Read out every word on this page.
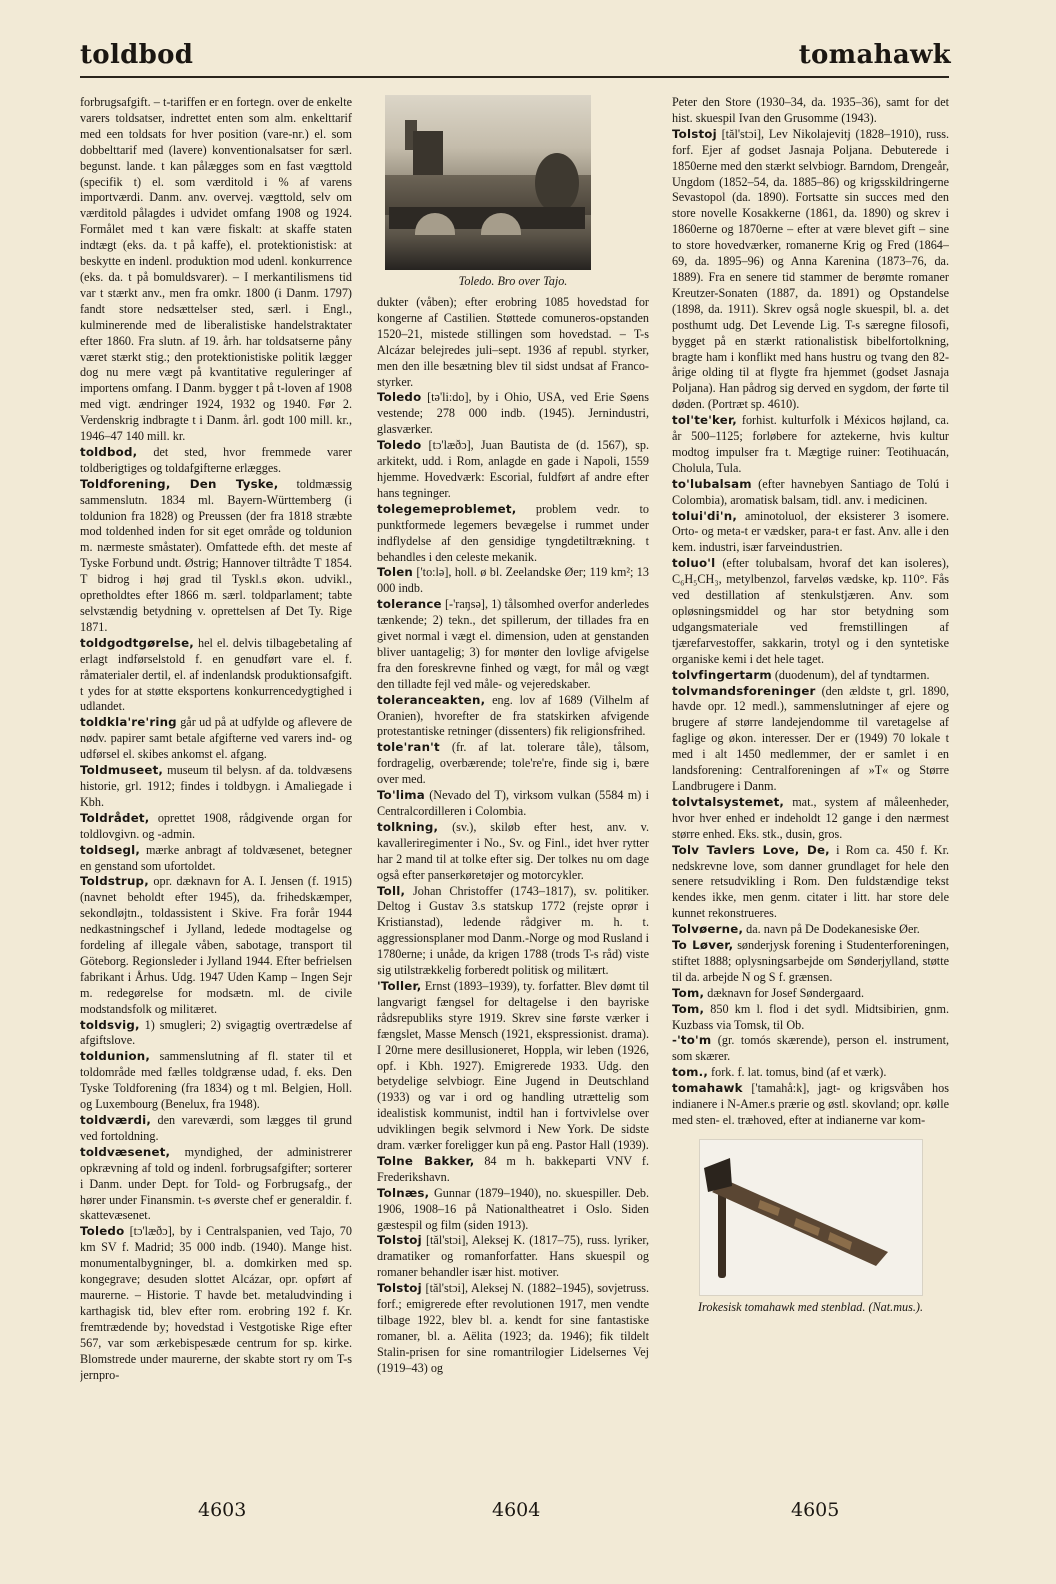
toldbod	tomahawk

forbrugsafgift. – t-tariffen er en fortegn. over de enkelte varers toldsatser, indrettet enten som alm. enkelttarif med een toldsats for hver position (vare-nr.) el. som dobbelttarif med (lavere) konventionalsatser for særl. begunst. lande. t kan pålægges som en fast vægttold (specifik t) el. som værditold i % af varens importværdi. Danm. anv. overvej. vægttold, selv om værditold pålagdes i udvidet omfang 1908 og 1924. Formålet med t kan være fiskalt: at skaffe staten indtægt (eks. da. t på kaffe), el. protektionistisk: at beskytte en indenl. produktion mod udenl. konkurrence (eks. da. t på bomuldsvarer). – I merkantilismens tid var t stærkt anv., men fra omkr. 1800 (i Danm. 1797) fandt store nedsættelser sted, særl. i Engl., kulminerende med de liberalistiske handelstraktater efter 1860. Fra slutn. af 19. årh. har toldsatserne påny været stærkt stig.; den protektionistiske politik lægger dog nu mere vægt på kvantitative reguleringer af importens omfang. I Danm. bygger t på t-loven af 1908 med vigt. ændringer 1924, 1932 og 1940. Før 2. Verdenskrig indbragte t i Danm. årl. godt 100 mill. kr., 1946–47 140 mill. kr.

toldbod, det sted, hvor fremmede varer toldberigtiges og toldafgifterne erlægges.

Toldforening, Den Tyske, toldmæssig sammenslutn. 1834 ml. Bayern-Württemberg (i toldunion fra 1828) og Preussen (der fra 1818 stræbte mod toldenhed inden for sit eget område og toldunion m. nærmeste småstater). Omfattede efth. det meste af Tyske Forbund undt. Østrig; Hannover tiltrådte T 1854. T bidrog i høj grad til Tyskl.s økon. udvikl., opretholdtes efter 1866 m. særl. toldparlament; tabte selvstændig betydning v. oprettelsen af Det Ty. Rige 1871.

toldgodtgørelse, hel el. delvis tilbagebetaling af erlagt indførselstold f. en genudført vare el. f. råmaterialer dertil, el. af indenlandsk produktionsafgift. t ydes for at støtte eksportens konkurrencedygtighed i udlandet.

toldkla're'ring går ud på at udfylde og aflevere de nødv. papirer samt betale afgifterne ved varers ind- og udførsel el. skibes ankomst el. afgang.

Toldmuseet, museum til belysn. af da. toldvæsens historie, grl. 1912; findes i toldbygn. i Amaliegade i Kbh.

Toldrådet, oprettet 1908, rådgivende organ for toldlovgivn. og -admin.

toldsegl, mærke anbragt af toldvæsenet, betegner en genstand som ufortoldet.

Toldstrup, opr. dæknavn for A. I. Jensen (f. 1915) (navnet beholdt efter 1945), da. frihedskæmper, sekondløjtn., toldassistent i Skive. Fra forår 1944 nedkastningschef i Jylland, ledede modtagelse og fordeling af illegale våben, sabotage, transport til Göteborg. Regionsleder i Jylland 1944. Efter befrielsen fabrikant i Århus. Udg. 1947 Uden Kamp – Ingen Sejr m. redegørelse for modsætn. ml. de civile modstandsfolk og militæret.

toldsvig, 1) smugleri; 2) svigagtig overtrædelse af afgiftslove.

toldunion, sammenslutning af fl. stater til et toldområde med fælles toldgrænse udad, f. eks. Den Tyske Toldforening (fra 1834) og t ml. Belgien, Holl. og Luxembourg (Benelux, fra 1948).

toldværdi, den vareværdi, som lægges til grund ved fortoldning.

toldvæsenet, myndighed, der administrerer opkrævning af told og indenl. forbrugsafgifter; sorterer i Danm. under Dept. for Told- og Forbrugsafg., der hører under Finansmin. t-s øverste chef er generaldir. f. skattevæsenet.

Toledo [tɔ'læðɔ], by i Centralspanien, ved Tajo, 70 km SV f. Madrid; 35 000 indb. (1940). Mange hist. monumentalbygninger, bl. a. domkirken med sp. kongegrave; desuden slottet Alcázar, opr. opført af maurerne. – Historie. T havde bet. metaludvinding i karthagisk tid, blev efter rom. erobring 192 f. Kr. fremtrædende by; hovedstad i Vestgotiske Rige efter 567, var som ærkebispesæde centrum for sp. kirke. Blomstrede under maurerne, der skabte stort ry om T-s jernpro-

Toledo. Bro over Tajo.

dukter (våben); efter erobring 1085 hovedstad for kongerne af Castilien. Støttede comuneros-opstanden 1520–21, mistede stillingen som hovedstad. – T-s Alcázar belejredes juli–sept. 1936 af republ. styrker, men den ille besætning blev til sidst undsat af Franco-styrker.

Toledo [tə'li:do], by i Ohio, USA, ved Erie Søens vestende; 278 000 indb. (1945). Jernindustri, glasværker.

Toledo [tɔ'læðɔ], Juan Bautista de (d. 1567), sp. arkitekt, udd. i Rom, anlagde en gade i Napoli, 1559 hjemme. Hovedværk: Escorial, fuldført af andre efter hans tegninger.

tolegemeproblemet, problem vedr. to punktformede legemers bevægelse i rummet under indflydelse af den gensidige tyngdetiltrækning. t behandles i den celeste mekanik.

Tolen ['to:lə], holl. ø bl. Zeelandske Øer; 119 km²; 13 000 indb.

tolerance [-'raŋsə], 1) tålsomhed overfor anderledes tænkende; 2) tekn., det spillerum, der tillades fra en givet normal i vægt el. dimension, uden at genstanden bliver uantagelig; 3) for mønter den lovlige afvigelse fra den foreskrevne finhed og vægt, for mål og vægt den tilladte fejl ved måle- og vejeredskaber.

toleranceakten, eng. lov af 1689 (Vilhelm af Oranien), hvorefter de fra statskirken afvigende protestantiske retninger (dissenters) fik religionsfrihed.

tole'ran't (fr. af lat. tolerare tåle), tålsom, fordragelig, overbærende; tole're're, finde sig i, bære over med.

To'lima (Nevado del T), virksom vulkan (5584 m) i Centralcordilleren i Colombia.

tolkning, (sv.), skiløb efter hest, anv. v. kavalleriregimenter i No., Sv. og Finl., idet hver rytter har 2 mand til at tolke efter sig. Der tolkes nu om dage også efter panserkøretøjer og motorcykler.

Toll, Johan Christoffer (1743–1817), sv. politiker. Deltog i Gustav 3.s statskup 1772 (rejste oprør i Kristianstad), ledende rådgiver m. h. t. aggressionsplaner mod Danm.-Norge og mod Rusland i 1780erne; i unåde, da krigen 1788 (trods T-s råd) viste sig utilstrækkelig forberedt politisk og militært.

'Toller, Ernst (1893–1939), ty. forfatter. Blev dømt til langvarigt fængsel for deltagelse i den bayriske rådsrepubliks styre 1919. Skrev sine første værker i fængslet, Masse Mensch (1921, ekspressionist. drama). I 20rne mere desillusioneret, Hoppla, wir leben (1926, opf. i Kbh. 1927). Emigrerede 1933. Udg. den betydelige selvbiogr. Eine Jugend in Deutschland (1933) og var i ord og handling utrættelig som idealistisk kommunist, indtil han i fortvivlelse over udviklingen begik selvmord i New York. De sidste dram. værker foreligger kun på eng. Pastor Hall (1939).

Tolne Bakker, 84 m h. bakkeparti VNV f. Frederikshavn.

Tolnæs, Gunnar (1879–1940), no. skuespiller. Deb. 1906, 1908–16 på Nationaltheatret i Oslo. Siden gæstespil og film (siden 1913).

Tolstoj [tăl'stɔi], Aleksej K. (1817–75), russ. lyriker, dramatiker og romanforfatter. Hans skuespil og romaner behandler især hist. motiver.

Tolstoj [tăl'stɔi], Aleksej N. (1882–1945), sovjetruss. forf.; emigrerede efter revolutionen 1917, men vendte tilbage 1922, blev bl. a. kendt for sine fantastiske romaner, bl. a. Aëlita (1923; da. 1946); fik tildelt Stalin-prisen for sine romantrilogier Lidelsernes Vej (1919–43) og

Peter den Store (1930–34, da. 1935–36), samt for det hist. skuespil Ivan den Grusomme (1943).

Tolstoj [tăl'stɔi], Lev Nikolajevitj (1828–1910), russ. forf. Ejer af godset Jasnaja Poljana. Debuterede i 1850erne med den stærkt selvbiogr. Barndom, Drengeår, Ungdom (1852–54, da. 1885–86) og krigsskildringerne Sevastopol (da. 1890). Fortsatte sin succes med den store novelle Kosakkerne (1861, da. 1890) og skrev i 1860erne og 1870erne – efter at være blevet gift – sine to store hovedværker, romanerne Krig og Fred (1864–69, da. 1895–96) og Anna Karenina (1873–76, da. 1889). Fra en senere tid stammer de berømte romaner Kreutzer-Sonaten (1887, da. 1891) og Opstandelse (1898, da. 1911). Skrev også nogle skuespil, bl. a. det posthumt udg. Det Levende Lig. T-s særegne filosofi, bygget på en stærkt rationalistisk bibelfortolkning, bragte ham i konflikt med hans hustru og tvang den 82-årige olding til at flygte fra hjemmet (godset Jasnaja Poljana). Han pådrog sig derved en sygdom, der førte til døden. (Portræt sp. 4610).

tol'te'ker, forhist. kulturfolk i Méxicos højland, ca. år 500–1125; forløbere for aztekerne, hvis kultur modtog impulser fra t. Mægtige ruiner: Teotihuacán, Cholula, Tula.

to'lubalsam (efter havnebyen Santiago de Tolú i Colombia), aromatisk balsam, tidl. anv. i medicinen.

tolui'di'n, aminotoluol, der eksisterer 3 isomere. Orto- og meta-t er vædsker, para-t er fast. Anv. alle i den kem. industri, især farveindustrien.

toluo'l (efter tolubalsam, hvoraf det kan isoleres), C₆H₅CH₃, metylbenzol, farveløs vædske, kp. 110°. Fås ved destillation af stenkulstjæren. Anv. som opløsningsmiddel og har stor betydning som udgangsmateriale ved fremstillingen af tjærefarvestoffer, sakkarin, trotyl og i den syntetiske organiske kemi i det hele taget.

tolvfingertarm (duodenum), del af tyndtarmen.

tolvmandsforeninger (den ældste t, grl. 1890, havde opr. 12 medl.), sammenslutninger af ejere og brugere af større landejendomme til varetagelse af faglige og økon. interesser. Der er (1949) 70 lokale t med i alt 1450 medlemmer, der er samlet i en landsforening: Centralforeningen af »T« og Større Landbrugere i Danm.

tolvtalsystemet, mat., system af måleenheder, hvor hver enhed er indeholdt 12 gange i den nærmest større enhed. Eks. stk., dusin, gros.

Tolv Tavlers Love, De, i Rom ca. 450 f. Kr. nedskrevne love, som danner grundlaget for hele den senere retsudvikling i Rom. Den fuldstændige tekst kendes ikke, men genm. citater i litt. har store dele kunnet rekonstrueres.

Tolvøerne, da. navn på De Dodekanesiske Øer.

To Løver, sønderjysk forening i Studenterforeningen, stiftet 1888; oplysningsarbejde om Sønderjylland, støtte til da. arbejde N og S f. grænsen.

Tom, dæknavn for Josef Søndergaard.

Tom, 850 km l. flod i det sydl. Midtsibirien, gnm. Kuzbass via Tomsk, til Ob.

-'to'm (gr. tomós skærende), person el. instrument, som skærer.

tom., fork. f. lat. tomus, bind (af et værk).

tomahawk ['tamahå:k], jagt- og krigsvåben hos indianere i N-Amer.s prærie og østl. skovland; opr. kølle med sten- el. træhoved, efter at indianerne var kom-

Irokesisk tomahawk med stenblad. (Nat.mus.).
4603	4604	4605
